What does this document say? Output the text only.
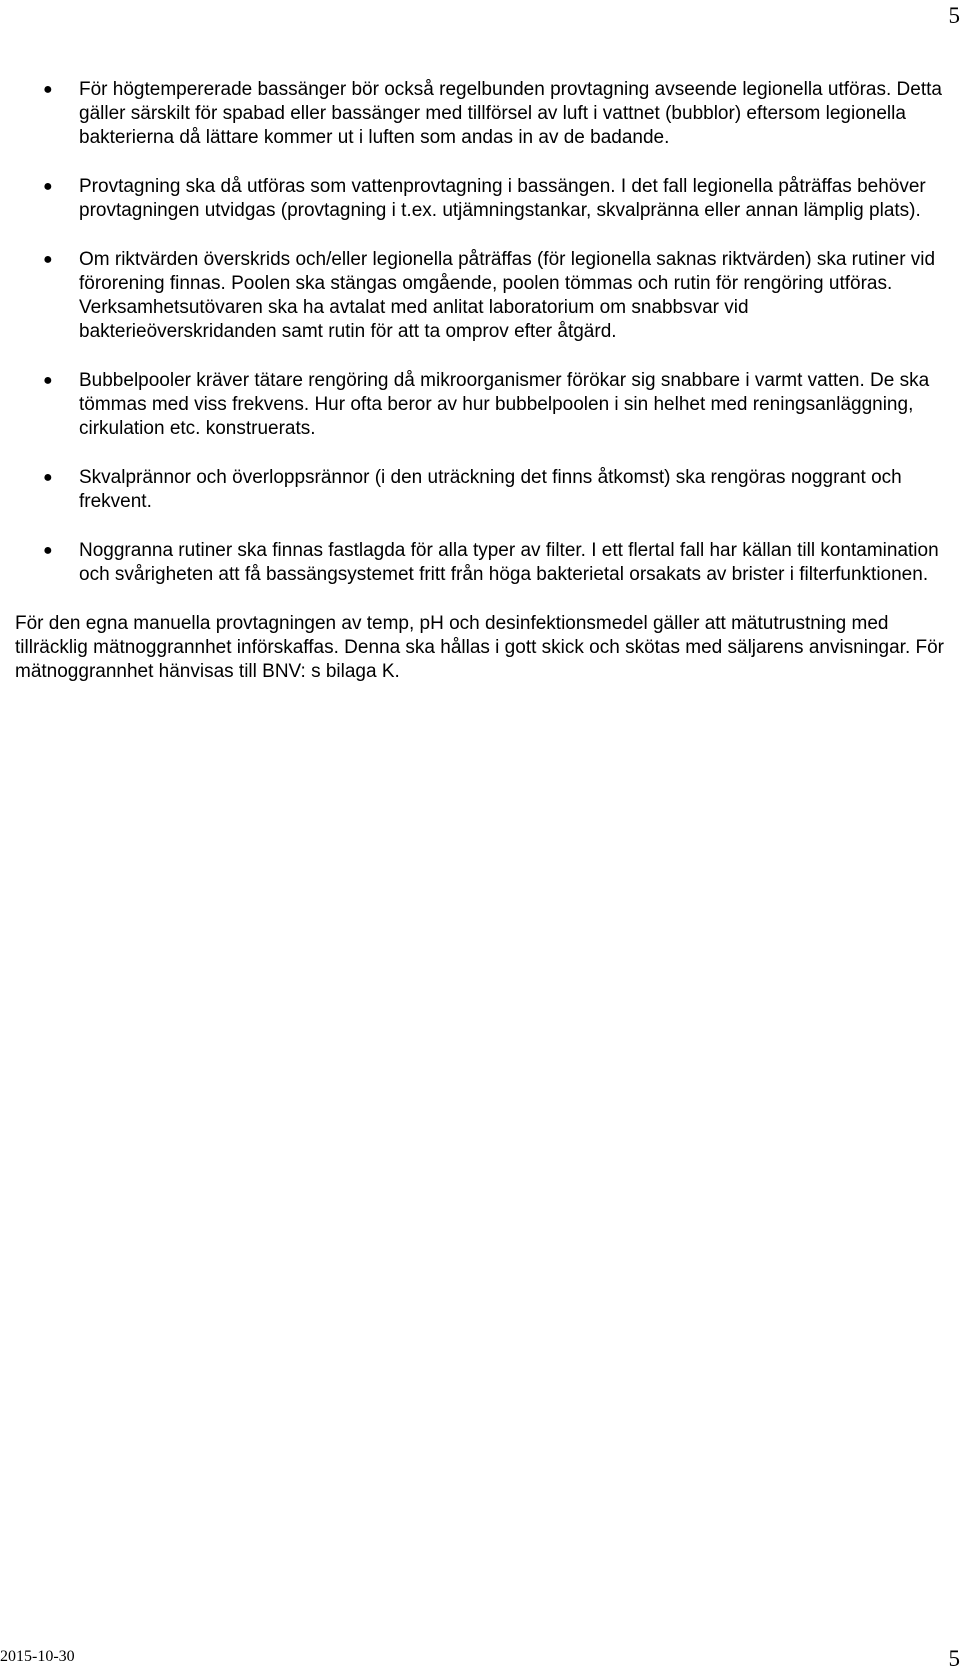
5
● För högtempererade bassänger bör också regelbunden provtagning avseende legionella utföras. Detta gäller särskilt för spabad eller bassänger med tillförsel av luft i vattnet (bubblor) eftersom legionella bakterierna då lättare kommer ut i luften som andas in av de badande.
● Provtagning ska då utföras som vattenprovtagning i bassängen. I det fall legionella påträffas behöver provtagningen utvidgas (provtagning i t.ex. utjämningstankar, skvalpränna eller annan lämplig plats).
● Om riktvärden överskrids och/eller legionella påträffas (för legionella saknas riktvärden) ska rutiner vid förorening finnas. Poolen ska stängas omgående, poolen tömmas och rutin för rengöring utföras. Verksamhetsutövaren ska ha avtalat med anlitat laboratorium om snabbsvar vid bakterieöverskridanden samt rutin för att ta omprov efter åtgärd.
● Bubbelpooler kräver tätare rengöring då mikroorganismer förökar sig snabbare i varmt vatten. De ska tömmas med viss frekvens. Hur ofta beror av hur bubbelpoolen i sin helhet med reningsanläggning, cirkulation etc. konstruerats.
● Skvalprännor och överloppsrännor (i den uträckning det finns åtkomst) ska rengöras noggrant och frekvent.
● Noggranna rutiner ska finnas fastlagda för alla typer av filter. I ett flertal fall har källan till kontamination och svårigheten att få bassängsystemet fritt från höga bakterietal orsakats av brister i filterfunktionen.

För den egna manuella provtagningen av temp, pH och desinfektionsmedel gäller att mätutrustning med tillräcklig mätnoggrannhet införskaffas. Denna ska hållas i gott skick och skötas med säljarens anvisningar. För mätnoggrannhet hänvisas till BNV: s bilaga K.

2015-10-30	5
